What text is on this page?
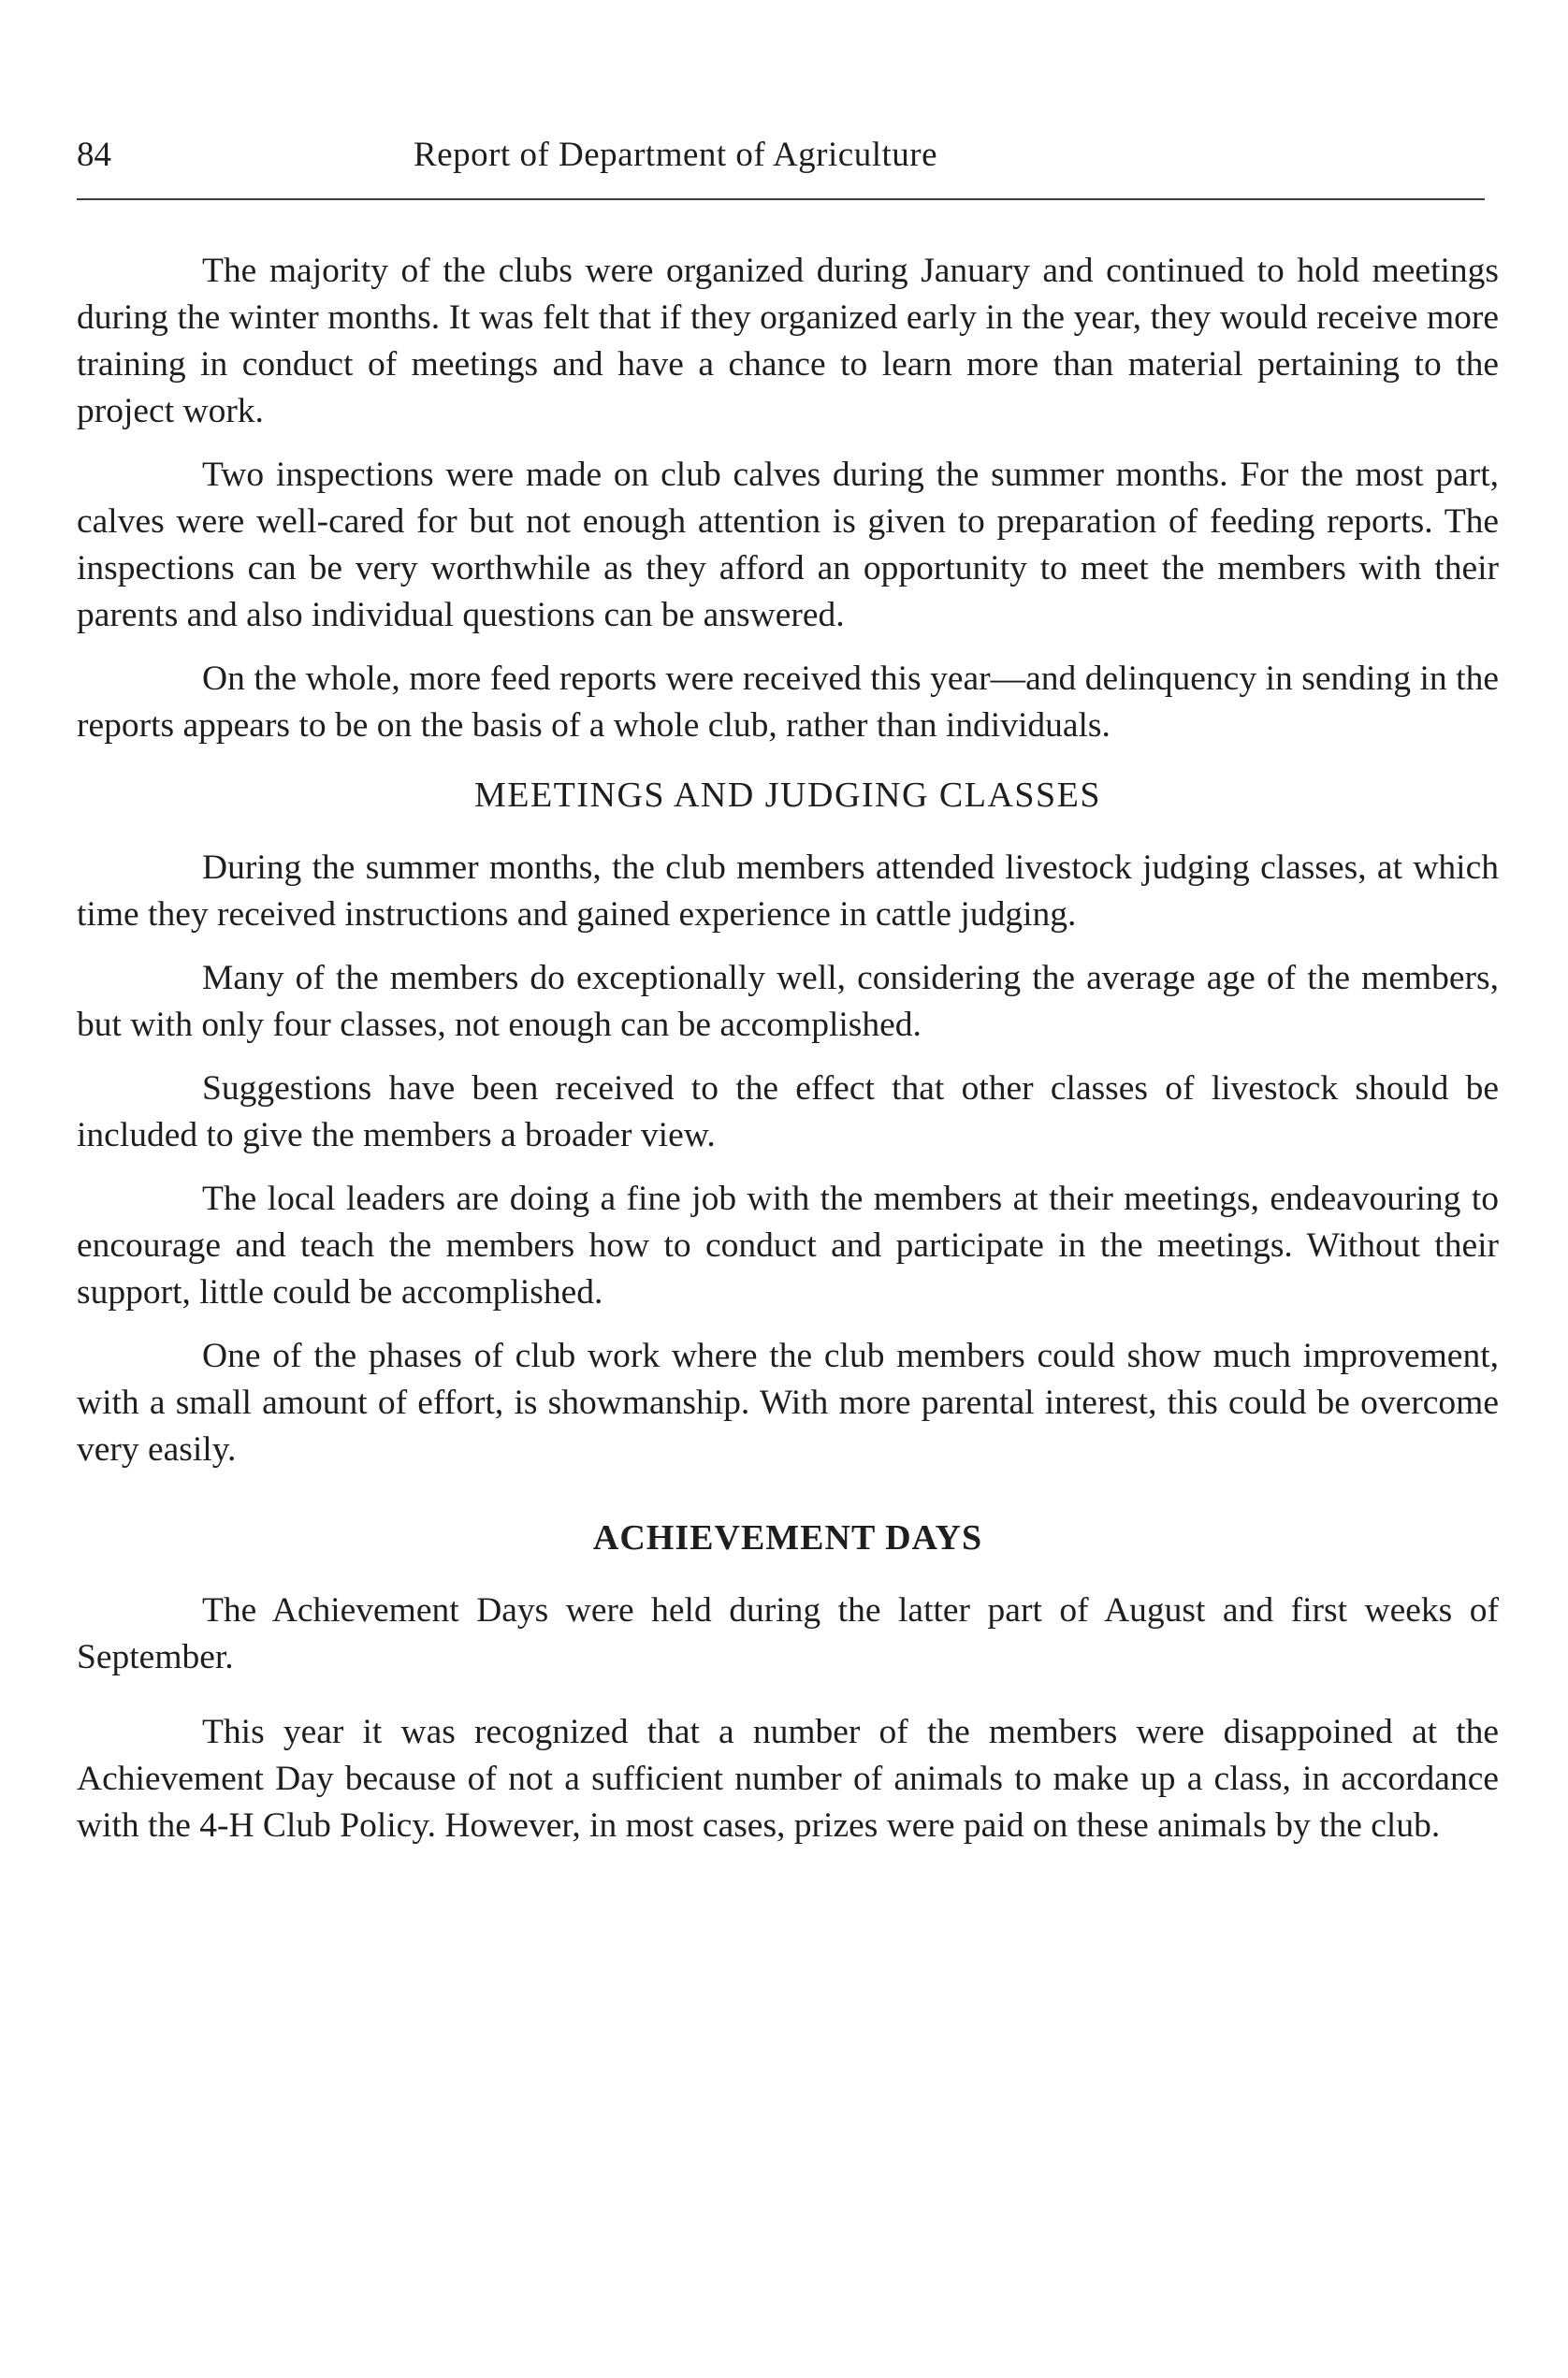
84	Report of Department of Agriculture

The majority of the clubs were organized during January and continued to hold meetings during the winter months. It was felt that if they organized early in the year, they would receive more training in conduct of meetings and have a chance to learn more than material pertaining to the project work.

Two inspections were made on club calves during the summer months. For the most part, calves were well-cared for but not enough attention is given to preparation of feeding reports. The inspections can be very worthwhile as they afford an opportunity to meet the members with their parents and also individual questions can be answered.

On the whole, more feed reports were received this year—and delinquency in sending in the reports appears to be on the basis of a whole club, rather than individuals.

MEETINGS AND JUDGING CLASSES

During the summer months, the club members attended livestock judging classes, at which time they received instructions and gained experience in cattle judging.

Many of the members do exceptionally well, considering the average age of the members, but with only four classes, not enough can be accomplished.

Suggestions have been received to the effect that other classes of livestock should be included to give the members a broader view.

The local leaders are doing a fine job with the members at their meetings, endeavouring to encourage and teach the members how to conduct and participate in the meetings. Without their support, little could be accomplished.

One of the phases of club work where the club members could show much improvement, with a small amount of effort, is showmanship. With more parental interest, this could be overcome very easily.

ACHIEVEMENT DAYS

The Achievement Days were held during the latter part of August and first weeks of September.

This year it was recognized that a number of the members were disappoined at the Achievement Day because of not a sufficient number of animals to make up a class, in accordance with the 4-H Club Policy. However, in most cases, prizes were paid on these animals by the club.
